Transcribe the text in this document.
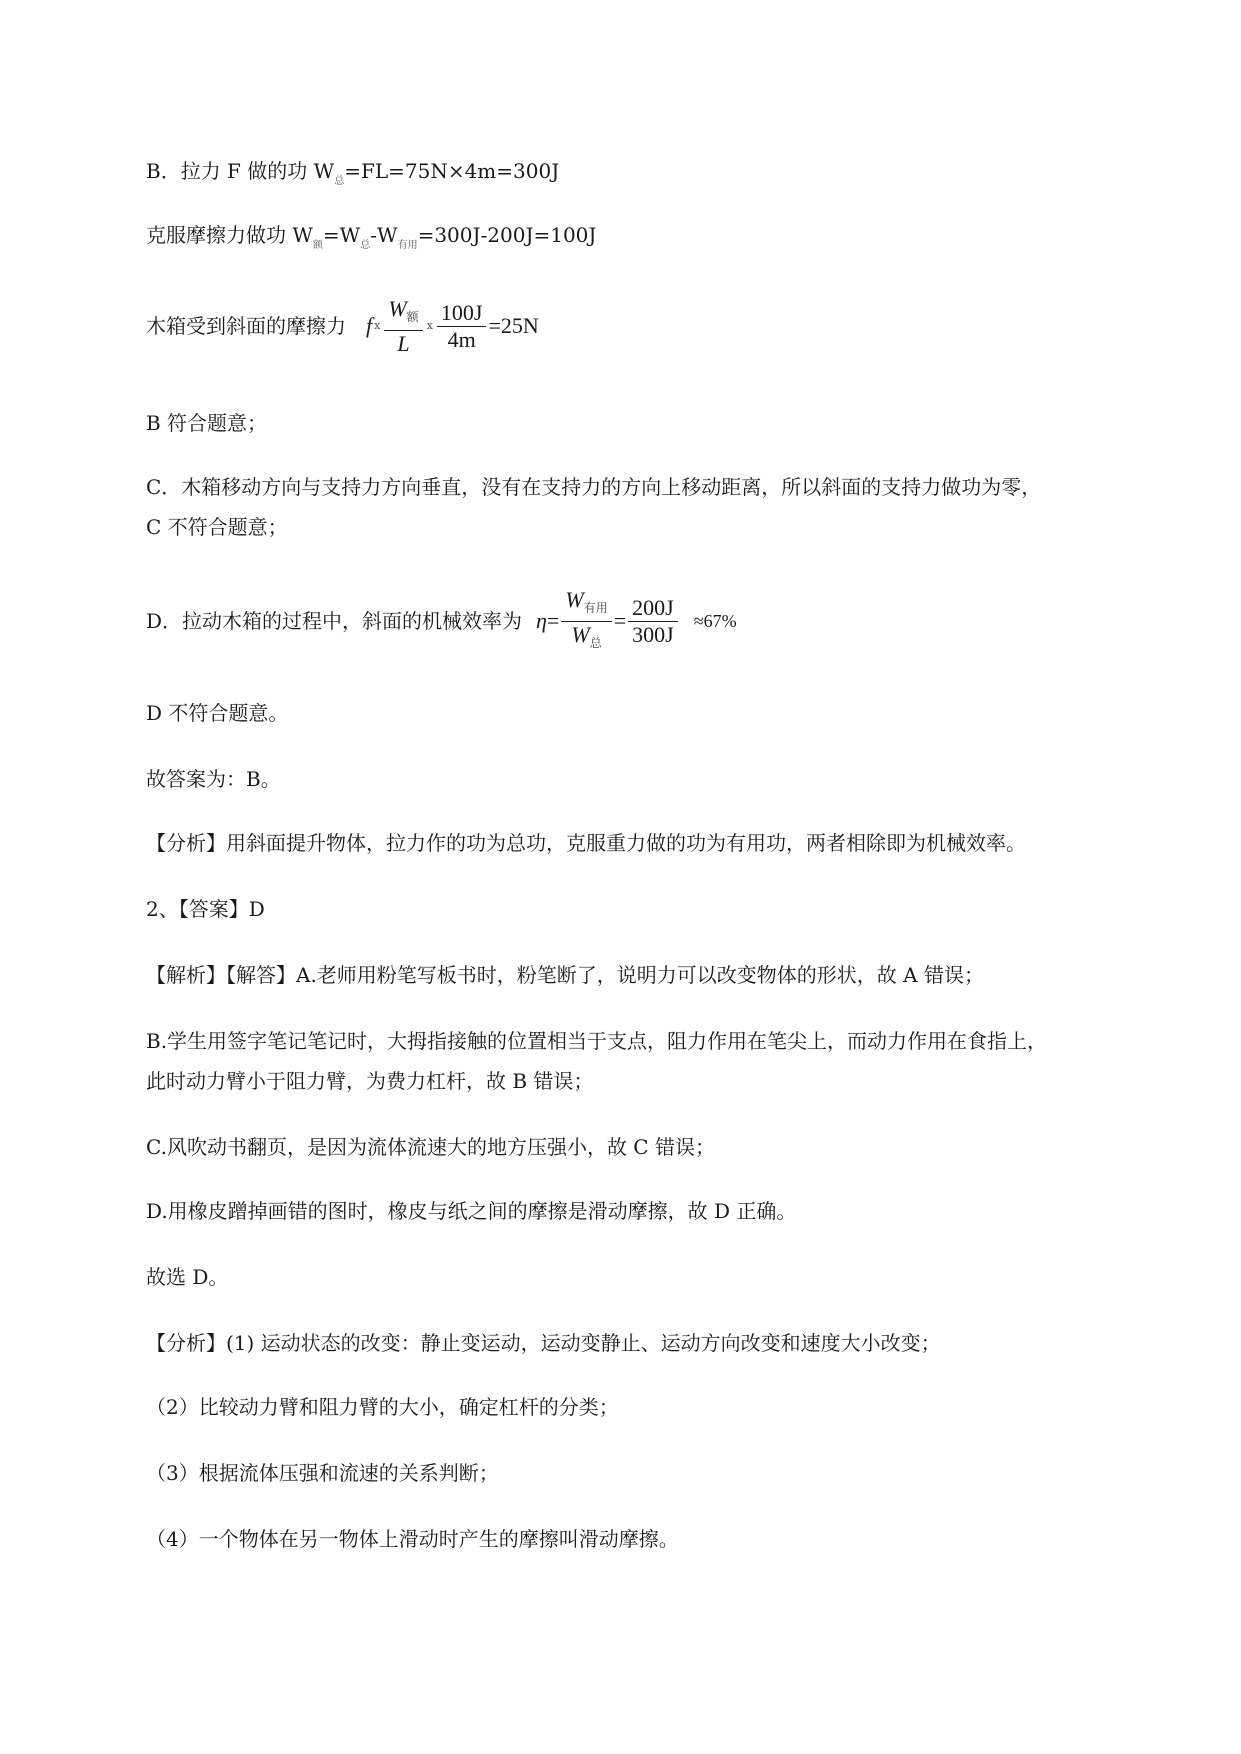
B．拉力 F 做的功 $W_总=FL=75N\times 4m=300J$
克服摩擦力做功 $W_额=W_总-W_{有用}=300J-200J=100J$
木箱受到斜面的摩擦力 f ⅹ $\frac{W_额}{L}$ ⅹ $\frac{100J}{4m} =25N$
B 符合题意；
C．木箱移动方向与支持力方向垂直，没有在支持力的方向上移动距离，所以斜面的支持力做功为零，
C 不符合题意；
D．拉动木箱的过程中，斜面的机械效率为 $\eta = \frac{W_{有用}}{W_总} = \frac{200J}{300J} \approx 67\%$
D 不符合题意。
故答案为：B。
【分析】用斜面提升物体，拉力作的功为总功，克服重力做的功为有用功，两者相除即为机械效率。
2、【答案】D
【解析】【解答】A.老师用粉笔写板书时，粉笔断了，说明力可以改变物体的形状，故 A 错误；
B.学生用签字笔记笔记时，大拇指接触的位置相当于支点，阻力作用在笔尖上，而动力作用在食指上，
此时动力臂小于阻力臂，为费力杠杆，故 B 错误；
C.风吹动书翻页，是因为流体流速大的地方压强小，故 C 错误；
D.用橡皮蹭掉画错的图时，橡皮与纸之间的摩擦是滑动摩擦，故 D 正确。
故选 D。
【分析】(1) 运动状态的改变：静止变运动，运动变静止、运动方向改变和速度大小改变；
（2）比较动力臂和阻力臂的大小，确定杠杆的分类；
（3）根据流体压强和流速的关系判断；
（4）一个物体在另一物体上滑动时产生的摩擦叫滑动摩擦。
